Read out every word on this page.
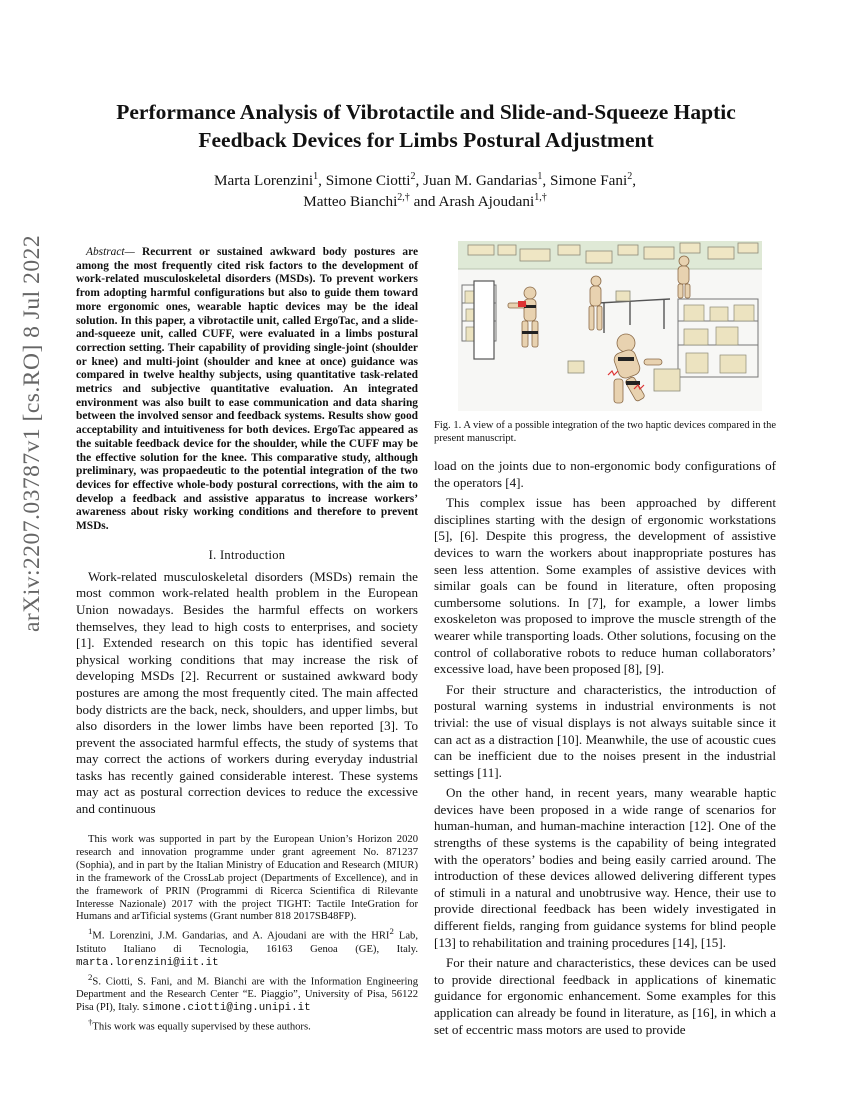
arXiv:2207.03787v1 [cs.RO] 8 Jul 2022
Performance Analysis of Vibrotactile and Slide-and-Squeeze Haptic
Feedback Devices for Limbs Postural Adjustment
Marta Lorenzini$^1$, Simone Ciotti$^2$, Juan M. Gandarias$^1$, Simone Fani$^2$,
Matteo Bianchi$^{2,\dagger}$ and Arash Ajoudani$^{1,\dagger}$

Abstract— Recurrent or sustained awkward body postures are among the most frequently cited risk factors to the development of work-related musculoskeletal disorders (MSDs). To prevent workers from adopting harmful configurations but also to guide them toward more ergonomic ones, wearable haptic devices may be the ideal solution. In this paper, a vibrotactile unit, called ErgoTac, and a slide-and-squeeze unit, called CUFF, were evaluated in a limbs postural correction setting. Their capability of providing single-joint (shoulder or knee) and multi-joint (shoulder and knee at once) guidance was compared in twelve healthy subjects, using quantitative task-related metrics and subjective quantitative evaluation. An integrated environment was also built to ease communication and data sharing between the involved sensor and feedback systems. Results show good acceptability and intuitiveness for both devices. ErgoTac appeared as the suitable feedback device for the shoulder, while the CUFF may be the effective solution for the knee. This comparative study, although preliminary, was propaedeutic to the potential integration of the two devices for effective whole-body postural corrections, with the aim to develop a feedback and assistive apparatus to increase workers’ awareness about risky working conditions and therefore to prevent MSDs.

I. Introduction

Work-related musculoskeletal disorders (MSDs) remain the most common work-related health problem in the European Union nowadays. Besides the harmful effects on workers themselves, they lead to high costs to enterprises, and society [1]. Extended research on this topic has identified several physical working conditions that may increase the risk of developing MSDs [2]. Recurrent or sustained awkward body postures are among the most frequently cited. The main affected body districts are the back, neck, shoulders, and upper limbs, but also disorders in the lower limbs have been reported [3]. To prevent the associated harmful effects, the study of systems that may correct the actions of workers during everyday industrial tasks has recently gained considerable interest. These systems may act as postural correction devices to reduce the excessive and continuous

This work was supported in part by the European Union’s Horizon 2020 research and innovation programme under grant agreement No. 871237 (Sophia), and in part by the Italian Ministry of Education and Research (MIUR) in the framework of the CrossLab project (Departments of Excellence), and in the framework of PRIN (Programmi di Ricerca Scientifica di Rilevante Interesse Nazionale) 2017 with the project TIGHT: Tactile InteGration for Humans and arTificial systems (Grant number 818 2017SB48FP).

$^1$M. Lorenzini, J.M. Gandarias, and A. Ajoudani are with the HRI$^2$ Lab, Istituto Italiano di Tecnologia, 16163 Genoa (GE), Italy. marta.lorenzini@iit.it

$^2$S. Ciotti, S. Fani, and M. Bianchi are with the Information Engineering Department and the Research Center “E. Piaggio”, University of Pisa, 56122 Pisa (PI), Italy. simone.ciotti@ing.unipi.it

†This work was equally supervised by these authors.

Fig. 1. A view of a possible integration of the two haptic devices compared in the present manuscript.

load on the joints due to non-ergonomic body configurations of the operators [4].

This complex issue has been approached by different disciplines starting with the design of ergonomic workstations [5], [6]. Despite this progress, the development of assistive devices to warn the workers about inappropriate postures has seen less attention. Some examples of assistive devices with similar goals can be found in literature, often proposing cumbersome solutions. In [7], for example, a lower limbs exoskeleton was proposed to improve the muscle strength of the wearer while transporting loads. Other solutions, focusing on the control of collaborative robots to reduce human collaborators’ excessive load, have been proposed [8], [9].

For their structure and characteristics, the introduction of postural warning systems in industrial environments is not trivial: the use of visual displays is not always suitable since it can act as a distraction [10]. Meanwhile, the use of acoustic cues can be inefficient due to the noises present in the industrial settings [11].

On the other hand, in recent years, many wearable haptic devices have been proposed in a wide range of scenarios for human-human, and human-machine interaction [12]. One of the strengths of these systems is the capability of being integrated with the operators’ bodies and being easily carried around. The introduction of these devices allowed delivering different types of stimuli in a natural and unobtrusive way. Hence, their use to provide directional feedback has been widely investigated in different fields, ranging from guidance systems for blind people [13] to rehabilitation and training procedures [14], [15].

For their nature and characteristics, these devices can be used to provide directional feedback in applications of kinematic guidance for ergonomic enhancement. Some examples for this application can already be found in literature, as [16], in which a set of eccentric mass motors are used to provide
